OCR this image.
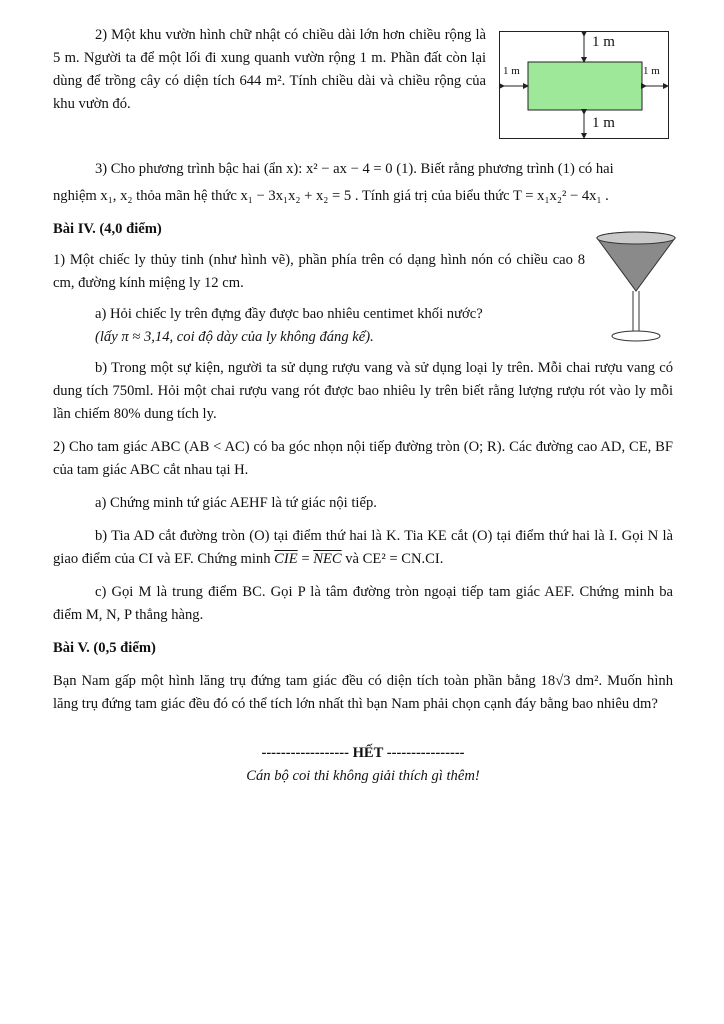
2) Một khu vườn hình chữ nhật có chiều dài lớn hơn chiều rộng là 5 m. Người ta để một lối đi xung quanh vườn rộng 1 m. Phần đất còn lại dùng để trồng cây có diện tích 644 m². Tính chiều dài và chiều rộng của khu vườn đó.

1 m
1 m
1 m	1 m

3) Cho phương trình bậc hai (ẩn x): x² − ax − 4 = 0 (1). Biết rằng phương trình (1) có hai

nghiệm x₁, x₂ thỏa mãn hệ thức x₁ − 3x₁x₂ + x₂ = 5 . Tính giá trị của biểu thức T = x₁x₂² − 4x₁ .

Bài IV. (4,0 điểm)

1) Một chiếc ly thủy tinh (như hình vẽ), phần phía trên có dạng hình nón có chiều cao 8 cm, đường kính miệng ly 12 cm.

a) Hỏi chiếc ly trên đựng đầy được bao nhiêu centimet khối nước?

(lấy π ≈ 3,14, coi độ dày của ly không đáng kể).

b) Trong một sự kiện, người ta sử dụng rượu vang và sử dụng loại ly trên. Mỗi chai rượu vang có dung tích 750ml. Hỏi một chai rượu vang rót được bao nhiêu ly trên biết rằng lượng rượu rót vào ly mỗi lần chiếm 80% dung tích ly.

2) Cho tam giác ABC (AB < AC) có ba góc nhọn nội tiếp đường tròn (O; R). Các đường cao AD, CE, BF của tam giác ABC cắt nhau tại H.

a) Chứng minh tứ giác AEHF là tứ giác nội tiếp.

b) Tia AD cắt đường tròn (O) tại điểm thứ hai là K. Tia KE cắt (O) tại điểm thứ hai là I. Gọi N là giao điểm của CI và EF. Chứng minh $\overline{CIE} = \overline{NEC}$ và CE² = CN.CI.

c) Gọi M là trung điểm BC. Gọi P là tâm đường tròn ngoại tiếp tam giác AEF. Chứng minh ba điểm M, N, P thẳng hàng.

Bài V. (0,5 điểm)

Bạn Nam gấp một hình lăng trụ đứng tam giác đều có diện tích toàn phần bằng 18√3 dm². Muốn hình lăng trụ đứng tam giác đều đó có thể tích lớn nhất thì bạn Nam phải chọn cạnh đáy bằng bao nhiêu dm?

------------------ HẾT ----------------

Cán bộ coi thi không giải thích gì thêm!
